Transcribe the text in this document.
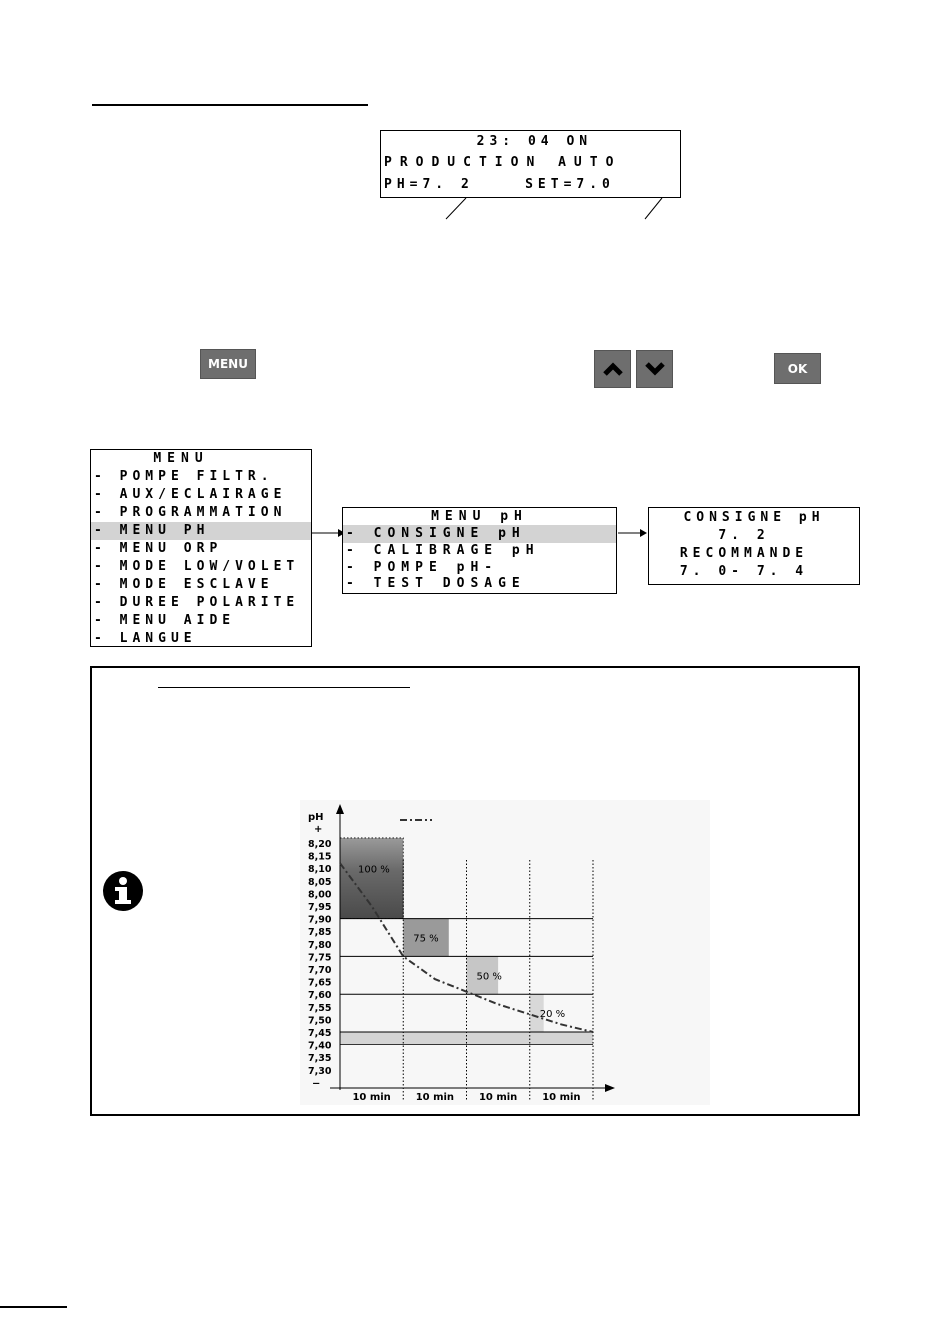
23: 04 ON

PRODUCTION AUTO

PH=7. 2    SET=7.0

MENU	OK

MENU

- POMPE FILTR.

- AUX/ECLAIRAGE

- PROGRAMMATION

- MENU PH

- MENU ORP

- MODE LOW/VOLET

- MODE ESCLAVE

- DUREE POLARITE

- MENU AIDE

- LANGUE

MENU pH

- CONSIGNE pH

- CALIBRAGE pH

- POMPE pH-

- TEST DOSAGE

CONSIGNE pH

7. 2

RECOMMANDE

7. 0- 7. 4

100 %
75 %
50 %
20 %
pH
+
8,20
8,15
8,10
8,05
8,00
7,95
7,90
7,85
7,80
7,75
7,70
7,65
7,60
7,55
7,50
7,45
7,40
7,35
7,30
−
10 min 10 min 10 min 10 min
